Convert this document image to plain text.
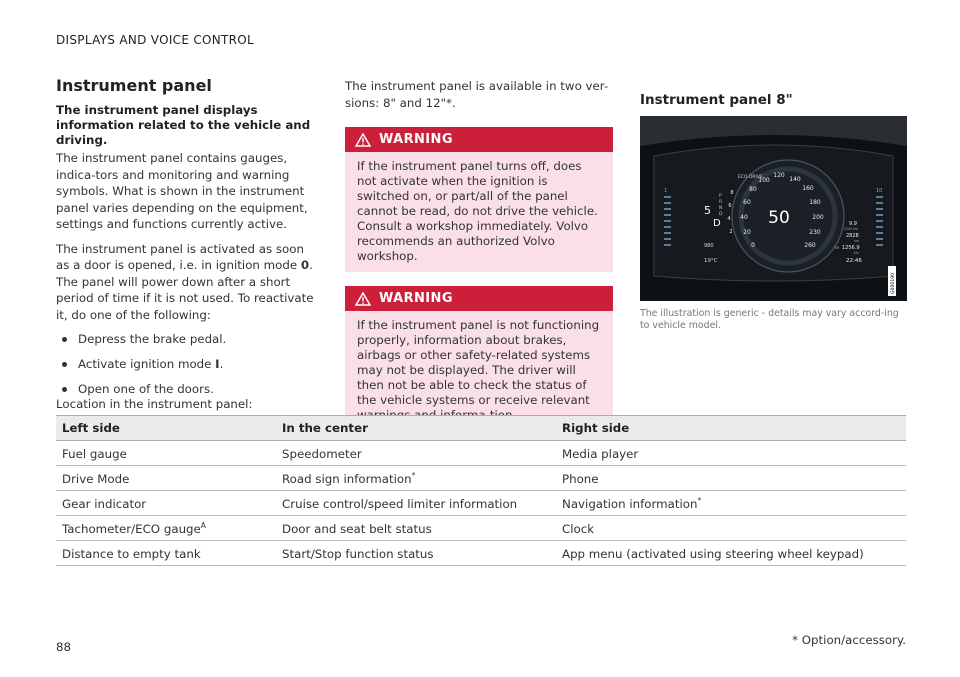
DISPLAYS AND VOICE CONTROL
Instrument panel
The instrument panel displays information related to the vehicle and driving.

The instrument panel contains gauges, indica-tors and monitoring and warning symbols. What is shown in the instrument panel varies depending on the equipment, settings and functions currently active.

The instrument panel is activated as soon as a door is opened, i.e. in ignition mode 0. The panel will power down after a short period of time if it is not used. To reactivate it, do one of the following:

Depress the brake pedal.
Activate ignition mode I.
Open one of the doors.

The instrument panel is available in two ver-sions: 8" and 12"*.

WARNING
If the instrument panel turns off, does not activate when the ignition is switched on, or part/all of the panel cannot be read, do not drive the vehicle. Consult a workshop immediately. Volvo recommends an authorized Volvo workshop.
WARNING
If the instrument panel is not functioning properly, information about brakes, airbags or other safety-related systems may not be displayed. The driver will then not be able to check the status of the vehicle systems or receive relevant
Instrument panel 8"
1	10
ECO DRIVE
0
20
40
60
80
100
120
140
160
180
200
230
260
50
8
6
4
2
P
R
N
D
5
D
980
19°C
9.9
l/100 km
2828
km
TM 1256.9
km
22:46
G000190
The illustration is generic - details may vary accord-ing to vehicle model.
Location in the instrument panel:
Left side	In the center	Right side
Fuel gauge	Speedometer	Media player
Drive Mode	Road sign information*	Phone
Gear indicator	Cruise control/speed limiter information	Navigation information*
Tachometer/ECO gauge$^A$	Door and seat belt status	Clock
Distance to empty tank	Start/Stop function status	App menu (activated using steering wheel keypad)
88	* Option/accessory.
